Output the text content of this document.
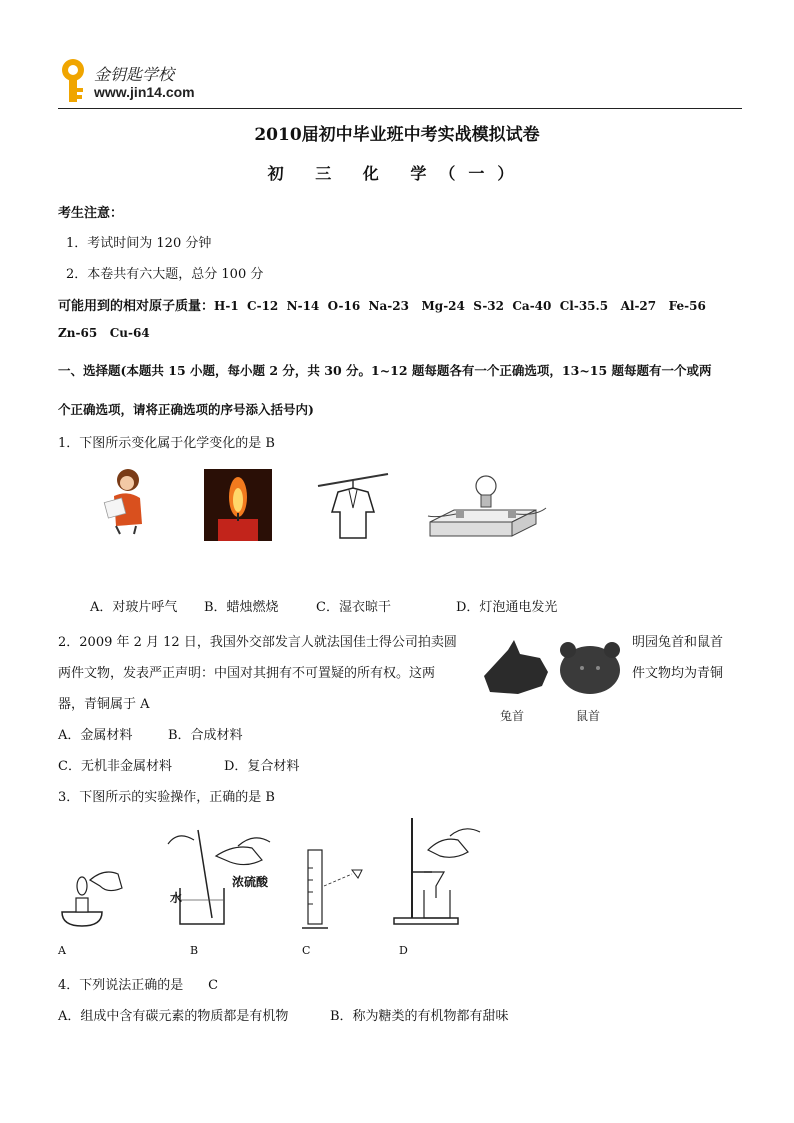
金钥匙学校
www.jin14.com
2010届初中毕业班中考实战模拟试卷
初 三 化 学（一）
考生注意：
1．考试时间为 120 分钟
2．本卷共有六大题，总分 100 分
可能用到的相对原子质量：H-1  C-12  N-14  O-16  Na-23   Mg-24  S-32  Ca-40  Cl-35.5   Al-27   Fe-56
Zn-65   Cu-64
一、选择题(本题共 15 小题，每小题 2 分，共 30 分。1~12 题每题各有一个正确选项，13~15 题每题有一个或两
个正确选项，请将正确选项的序号添入括号内)
1．下图所示变化属于化学变化的是 B
A．对玻片呼气 B．蜡烛燃烧	C．湿衣晾干	D．灯泡通电发光
2．2009 年 2 月 12 日，我国外交部发言人就法国佳士得公司拍卖圆	明园兔首和鼠首
两件文物，发表严正声明：中国对其拥有不可置疑的所有权。这两	件文物均为青铜
器，青铜属于 A
兔首	鼠首
A．金属材料	B．合成材料
C．无机非金属材料	D．复合材料
3．下图所示的实验操作，正确的是 B
浓硫酸
水
A	B	C	D
4．下列说法正确的是      C
A．组成中含有碳元素的物质都是有机物	B．称为糖类的有机物都有甜味
